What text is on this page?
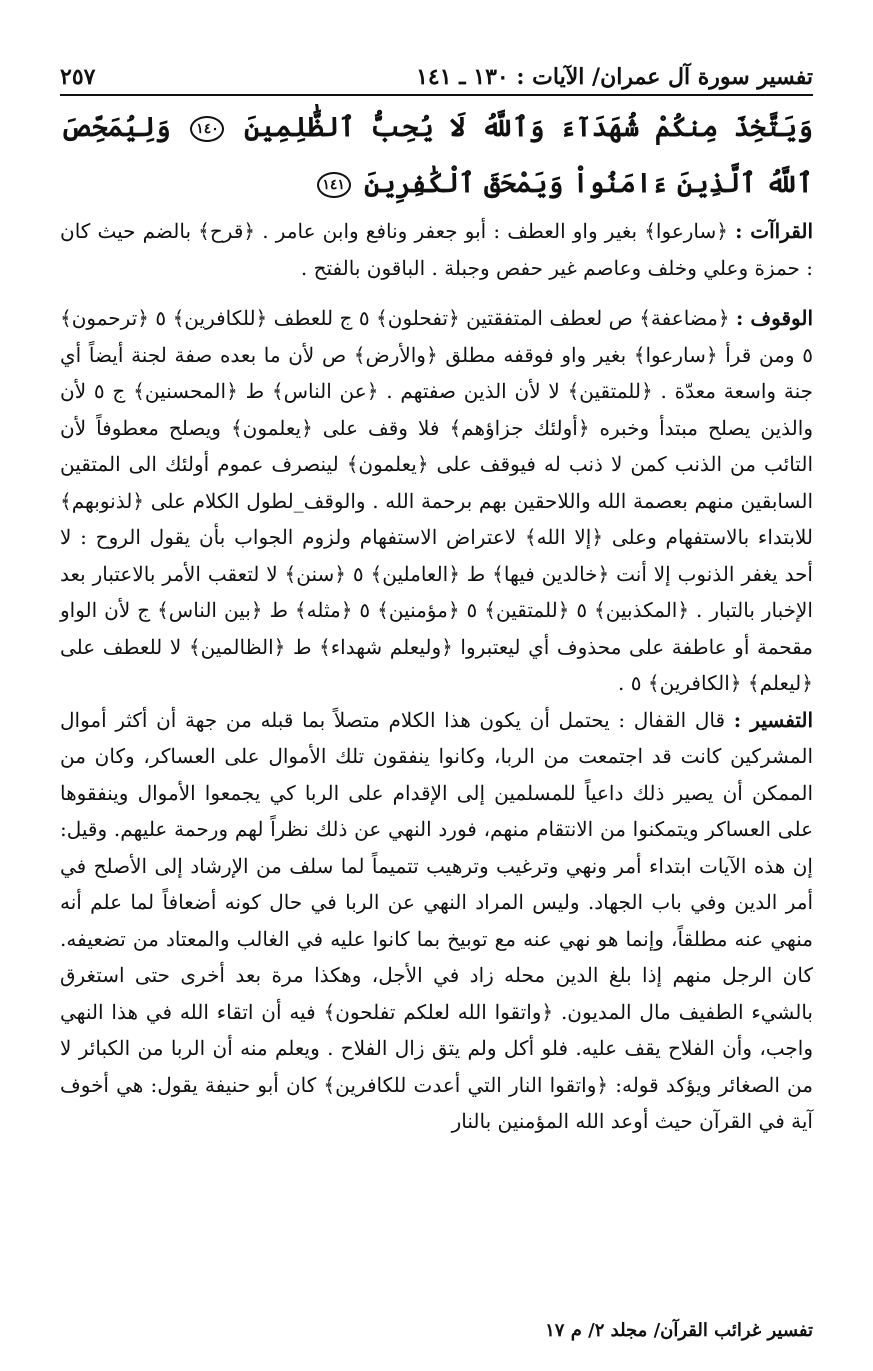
تفسير سورة آل عمران/ الآيات : ١٣٠ ـ ١٤١
٢٥٧
وَيَتَّخِذَ مِنكُمْ شُهَدَآءَ وَٱللَّهُ لَا يُحِبُّ ٱلظَّٰلِمِينَ ١٤٠ وَلِيُمَحِّصَ ٱللَّهُ ٱلَّذِينَ ءَامَنُواْ وَيَمْحَقَ ٱلْكَٰفِرِينَ ١٤١

القراآت : ﴿سارعوا﴾ بغير واو العطف : أبو جعفر ونافع وابن عامر . ﴿قرح﴾ بالضم حيث كان : حمزة وعلي وخلف وعاصم غير حفص وجبلة . الباقون بالفتح .

الوقوف : ﴿مضاعفة﴾ ص لعطف المتفقتين ﴿تفحلون﴾ ٥ ج للعطف ﴿للكافرين﴾ ٥ ﴿ترحمون﴾ ٥ ومن قرأ ﴿سارعوا﴾ بغير واو فوقفه مطلق ﴿والأرض﴾ ص لأن ما بعده صفة لجنة أيضاً أي جنة واسعة معدّة . ﴿للمتقين﴾ لا لأن الذين صفتهم . ﴿عن الناس﴾ ط ﴿المحسنين﴾ ج ٥ لأن والذين يصلح مبتدأ وخبره ﴿أولئك جزاؤهم﴾ فلا وقف على ﴿يعلمون﴾ ويصلح معطوفاً لأن التائب من الذنب كمن لا ذنب له فيوقف على ﴿يعلمون﴾ لينصرف عموم أولئك الى المتقين السابقين منهم بعصمة الله واللاحقين بهم برحمة الله . والوقف_لطول الكلام على ﴿لذنوبهم﴾ للابتداء بالاستفهام وعلى ﴿إلا الله﴾ لاعتراض الاستفهام ولزوم الجواب بأن يقول الروح : لا أحد يغفر الذنوب إلا أنت ﴿خالدين فيها﴾ ط ﴿العاملين﴾ ٥ ﴿سنن﴾ لا لتعقب الأمر بالاعتبار بعد الإخبار بالتبار . ﴿المكذبين﴾ ٥ ﴿للمتقين﴾ ٥ ﴿مؤمنين﴾ ٥ ﴿مثله﴾ ط ﴿بين الناس﴾ ج لأن الواو مقحمة أو عاطفة على محذوف أي ليعتبروا ﴿وليعلم شهداء﴾ ط ﴿الظالمين﴾ لا للعطف على ﴿ليعلم﴾ ﴿الكافرين﴾ ٥ .

التفسير : قال القفال : يحتمل أن يكون هذا الكلام متصلاً بما قبله من جهة أن أكثر أموال المشركين كانت قد اجتمعت من الربا، وكانوا ينفقون تلك الأموال على العساكر، وكان من الممكن أن يصير ذلك داعياً للمسلمين إلى الإقدام على الربا كي يجمعوا الأموال وينفقوها على العساكر ويتمكنوا من الانتقام منهم، فورد النهي عن ذلك نظراً لهم ورحمة عليهم. وقيل: إن هذه الآيات ابتداء أمر ونهي وترغيب وترهيب تتميماً لما سلف من الإرشاد إلى الأصلح في أمر الدين وفي باب الجهاد. وليس المراد النهي عن الربا في حال كونه أضعافاً لما علم أنه منهي عنه مطلقاً، وإنما هو نهي عنه مع توبيخ بما كانوا عليه في الغالب والمعتاد من تضعيفه. كان الرجل منهم إذا بلغ الدين محله زاد في الأجل، وهكذا مرة بعد أخرى حتى استغرق بالشيء الطفيف مال المديون. ﴿واتقوا الله لعلكم تفلحون﴾ فيه أن اتقاء الله في هذا النهي واجب، وأن الفلاح يقف عليه. فلو أكل ولم يتق زال الفلاح . ويعلم منه أن الربا من الكبائر لا من الصغائر ويؤكد قوله: ﴿واتقوا النار التي أعدت للكافرين﴾ كان أبو حنيفة يقول: هي أخوف آية في القرآن حيث أوعد الله المؤمنين بالنار

تفسير غرائب القرآن/ مجلد ٢/ م ١٧
